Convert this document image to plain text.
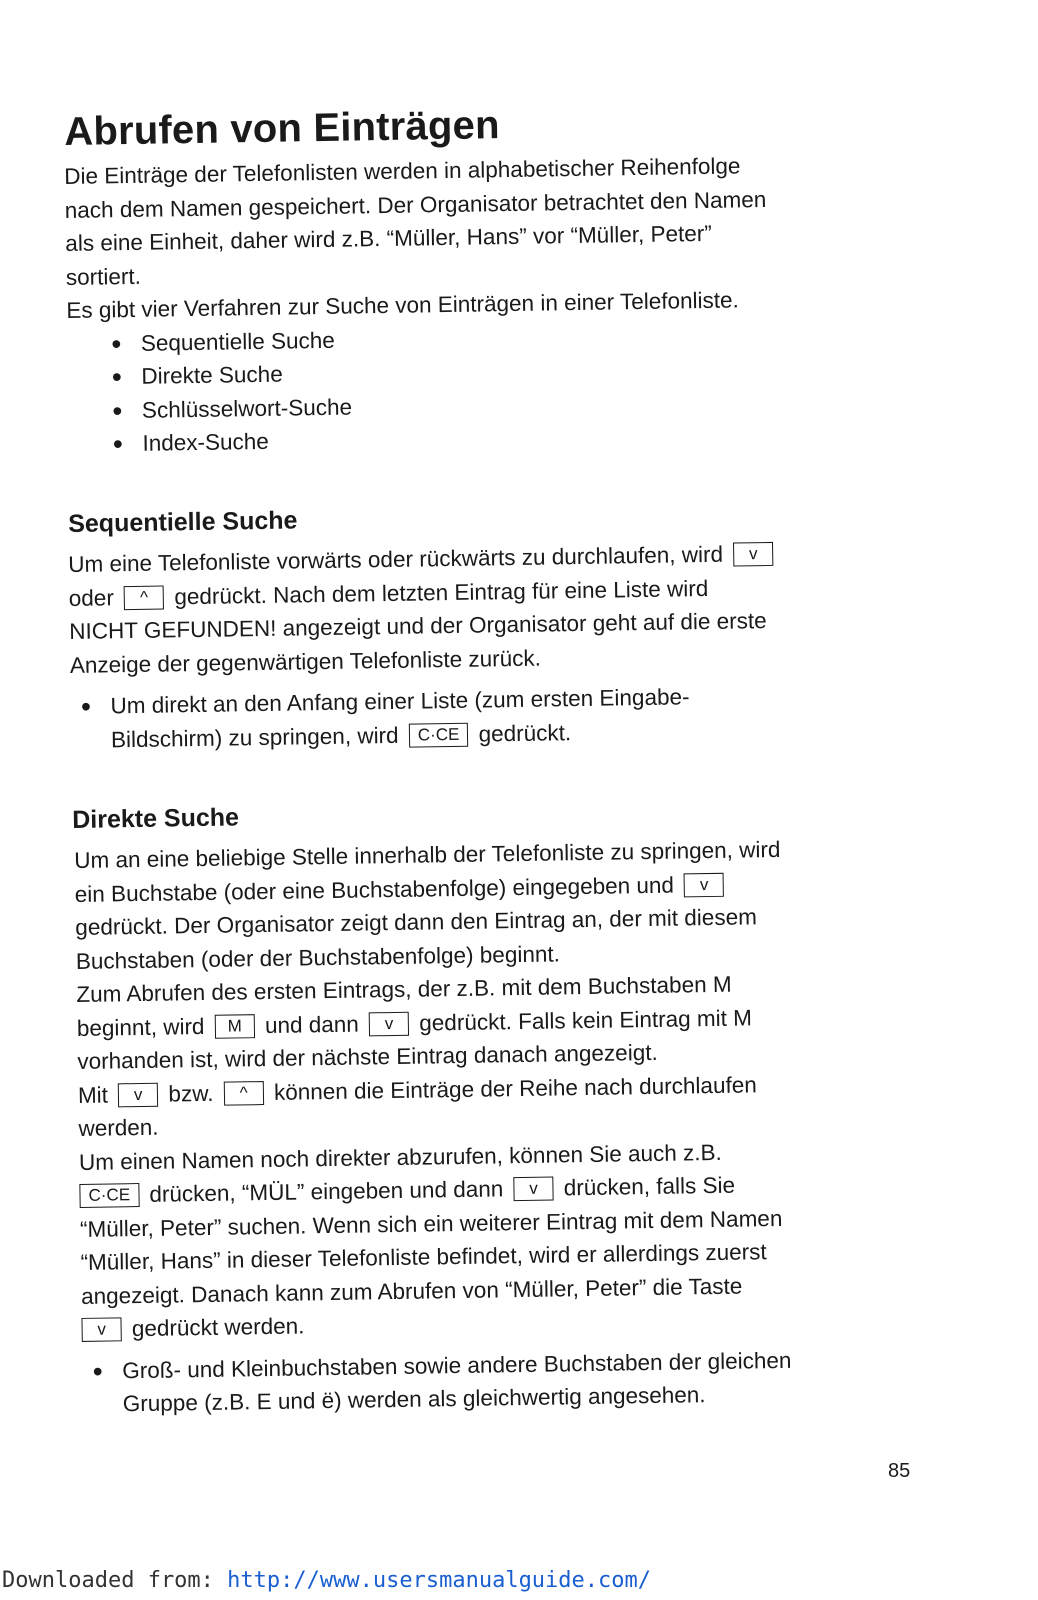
Abrufen von Einträgen

Die Einträge der Telefonlisten werden in alphabetischer Reihenfolge

nach dem Namen gespeichert. Der Organisator betrachtet den Namen

als eine Einheit, daher wird z.B. “Müller, Hans” vor “Müller, Peter”

sortiert.

Es gibt vier Verfahren zur Suche von Einträgen in einer Telefonliste.

● Sequentielle Suche
● Direkte Suche
● Schlüsselwort-Suche
● Index-Suche
Sequentielle Suche

Um eine Telefonliste vorwärts oder rückwärts zu durchlaufen, wird v

oder ^ gedrückt. Nach dem letzten Eintrag für eine Liste wird

NICHT GEFUNDEN! angezeigt und der Organisator geht auf die erste

Anzeige der gegenwärtigen Telefonliste zurück.

● Um direkt an den Anfang einer Liste (zum ersten Eingabe-
Bildschirm) zu springen, wird C·CE gedrückt.
Direkte Suche

Um an eine beliebige Stelle innerhalb der Telefonliste zu springen, wird

ein Buchstabe (oder eine Buchstabenfolge) eingegeben und v

gedrückt. Der Organisator zeigt dann den Eintrag an, der mit diesem

Buchstaben (oder der Buchstabenfolge) beginnt.

Zum Abrufen des ersten Eintrags, der z.B. mit dem Buchstaben M

beginnt, wird M und dann v gedrückt. Falls kein Eintrag mit M

vorhanden ist, wird der nächste Eintrag danach angezeigt.

Mit v bzw. ^ können die Einträge der Reihe nach durchlaufen

werden.

Um einen Namen noch direkter abzurufen, können Sie auch z.B.

C·CE drücken, “MÜL” eingeben und dann v drücken, falls Sie

“Müller, Peter” suchen. Wenn sich ein weiterer Eintrag mit dem Namen

“Müller, Hans” in dieser Telefonliste befindet, wird er allerdings zuerst

angezeigt. Danach kann zum Abrufen von “Müller, Peter” die Taste

v gedrückt werden.

● Groß- und Kleinbuchstaben sowie andere Buchstaben der gleichen
Gruppe (z.B. E und ë) werden als gleichwertig angesehen.
85
Downloaded from: http://www.usersmanualguide.com/
